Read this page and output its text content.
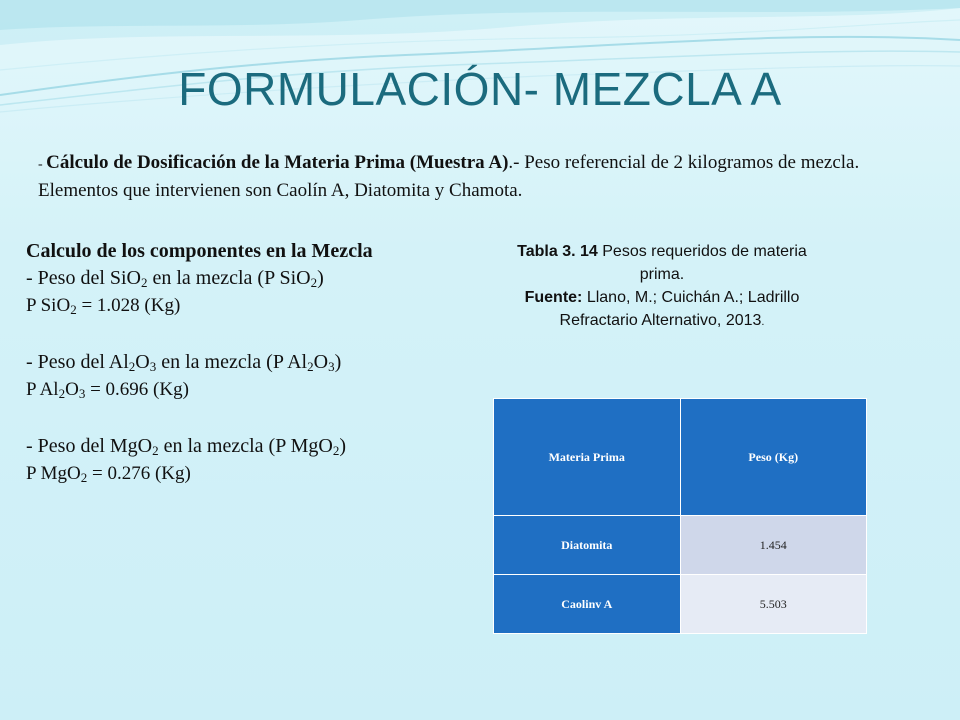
FORMULACIÓN- MEZCLA A
- Cálculo de Dosificación de la Materia Prima (Muestra A).- Peso referencial de 2 kilogramos de mezcla. Elementos que intervienen son Caolín A, Diatomita y Chamota.
Calculo de los componentes en la Mezcla
- Peso del SiO$_2$ en la mezcla (P SiO$_2$)
P SiO$_2$ = 1.028 (Kg)
- Peso del $Al_2O_3$ en la mezcla (P $Al_2O_3$)
P $Al_2O_3 = 0.696$ (Kg)
- Peso del MgO$_2$ en la mezcla (P MgO$_2$)
P MgO$_2$ = 0.276 (Kg)
Tabla 3. 14 Pesos requeridos de materia prima.
Fuente: Llano, M.; Cuichán A.; Ladrillo Refractario Alternativo, 2013.
Materia Prima	Peso (Kg)
Diatomita	1.454
Caolinv A	5.503
